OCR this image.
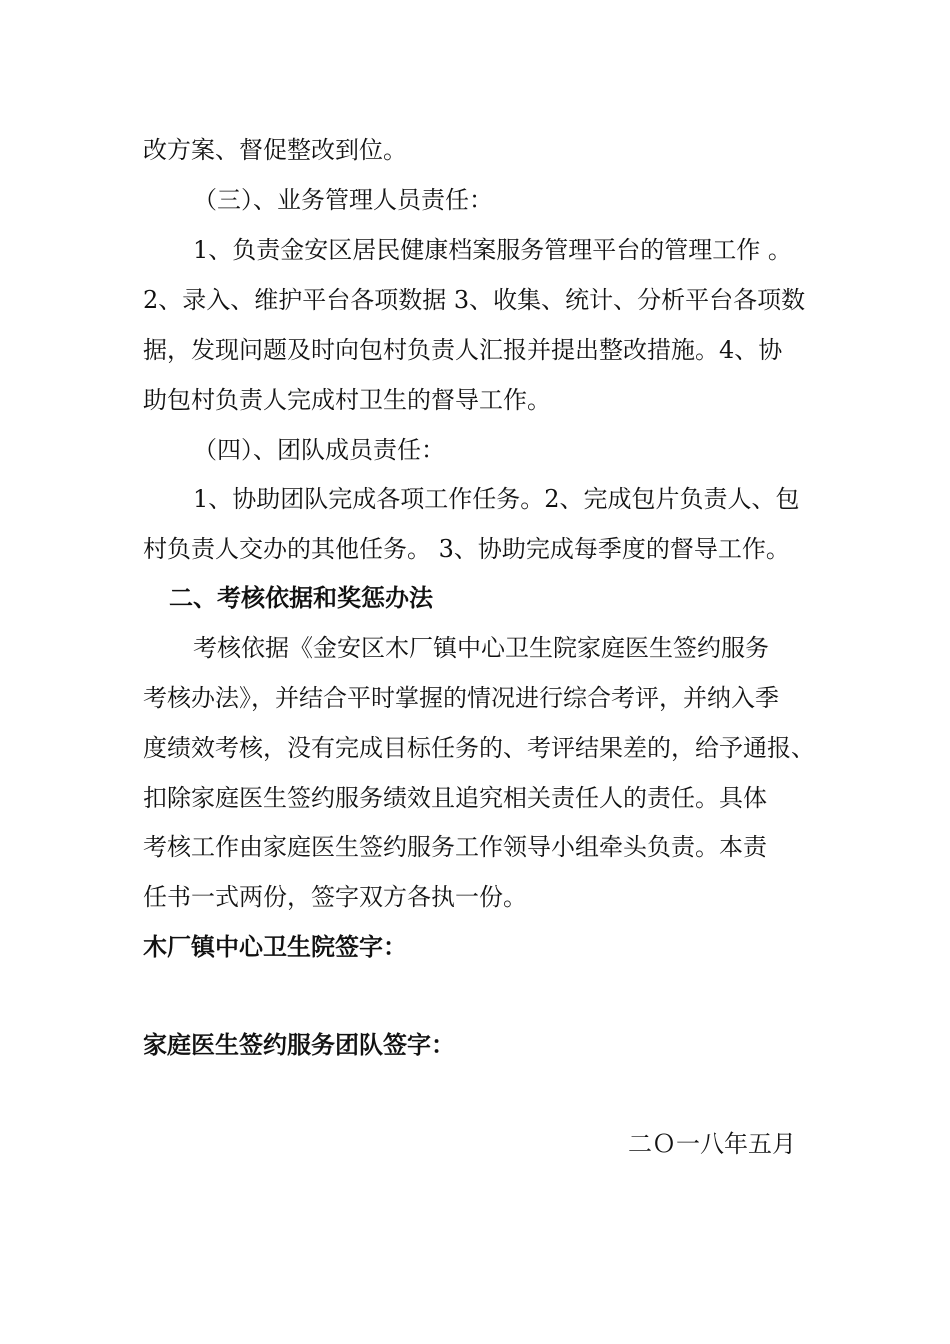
改方案、督促整改到位。

（三）、业务管理人员责任：

1、负责金安区居民健康档案服务管理平台的管理工作 。

2、录入、维护平台各项数据 3、收集、统计、分析平台各项数

据，发现问题及时向包村负责人汇报并提出整改措施。4、协

助包村负责人完成村卫生的督导工作。

（四）、团队成员责任：

1、协助团队完成各项工作任务。2、完成包片负责人、包

村负责人交办的其他任务。 3、协助完成每季度的督导工作。

二、考核依据和奖惩办法

考核依据《金安区木厂镇中心卫生院家庭医生签约服务

考核办法》，并结合平时掌握的情况进行综合考评，并纳入季

度绩效考核，没有完成目标任务的、考评结果差的，给予通报、

扣除家庭医生签约服务绩效且追究相关责任人的责任。具体

考核工作由家庭医生签约服务工作领导小组牵头负责。本责

任书一式两份，签字双方各执一份。

木厂镇中心卫生院签字：

家庭医生签约服务团队签字：

二Ｏ一八年五月
